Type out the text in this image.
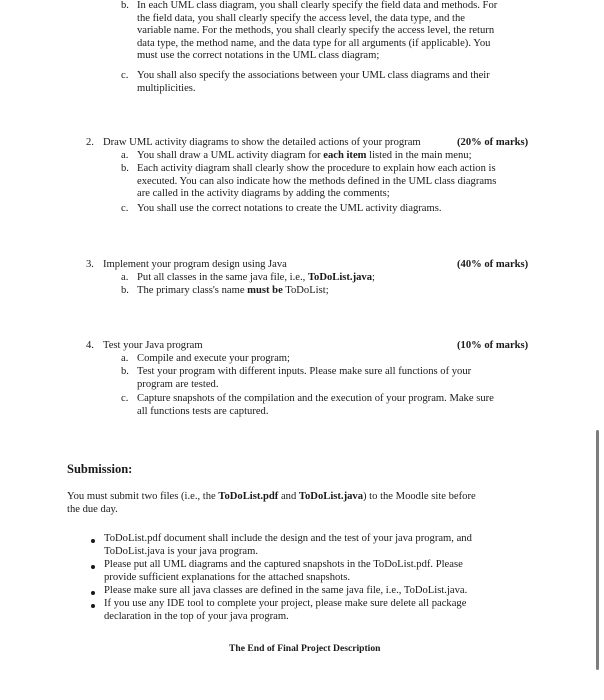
b. In each UML class diagram, you shall clearly specify the field data and methods. For
the field data, you shall clearly specify the access level, the data type, and the
variable name. For the methods, you shall clearly specify the access level, the return
data type, the method name, and the data type for all arguments (if applicable). You
must use the correct notations in the UML class diagram;
c. You shall also specify the associations between your UML class diagrams and their
multiplicities.
2. Draw UML activity diagrams to show the detailed actions of your program	(20% of marks)
a. You shall draw a UML activity diagram for each item listed in the main menu;
b. Each activity diagram shall clearly show the procedure to explain how each action is
executed. You can also indicate how the methods defined in the UML class diagrams
are called in the activity diagrams by adding the comments;
c. You shall use the correct notations to create the UML activity diagrams.
3. Implement your program design using Java	(40% of marks)
a. Put all classes in the same java file, i.e., ToDoList.java;
b. The primary class's name must be ToDoList;
4. Test your Java program	(10% of marks)
a. Compile and execute your program;
b. Test your program with different inputs. Please make sure all functions of your
program are tested.
c. Capture snapshots of the compilation and the execution of your program. Make sure
all functions tests are captured.
Submission:
You must submit two files (i.e., the ToDoList.pdf and ToDoList.java) to the Moodle site before
the due day.
ToDoList.pdf document shall include the design and the test of your java program, and
ToDoList.java is your java program.
Please put all UML diagrams and the captured snapshots in the ToDoList.pdf. Please
provide sufficient explanations for the attached snapshots.
Please make sure all java classes are defined in the same java file, i.e., ToDoList.java.
If you use any IDE tool to complete your project, please make sure delete all package
declaration in the top of your java program.
The End of Final Project Description
